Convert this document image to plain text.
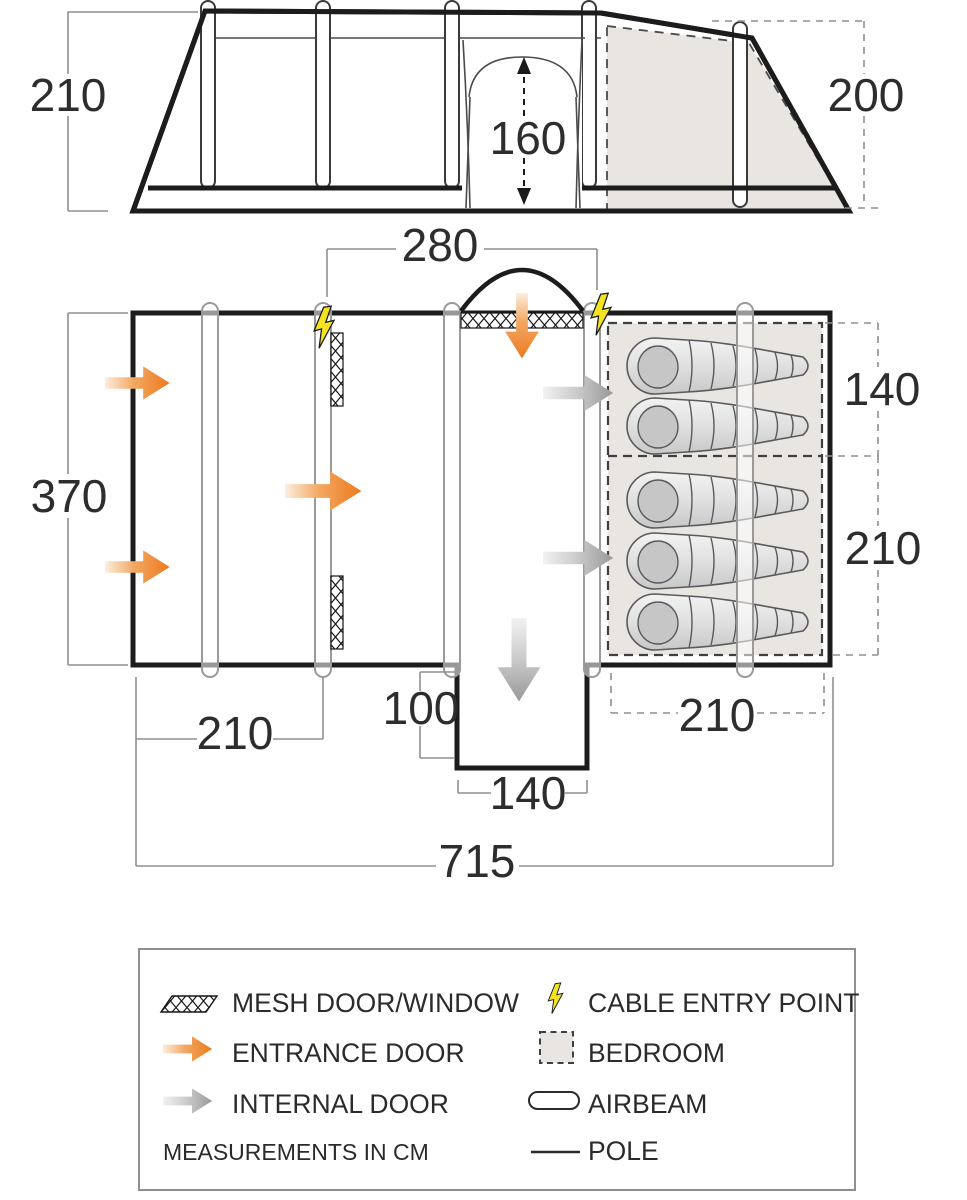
210
160
200
280
370
140
210
210 100
140
210
715
MESH DOOR/WINDOW
ENTRANCE DOOR
INTERNAL DOOR
MEASUREMENTS IN CM
CABLE ENTRY POINT
BEDROOM
AIRBEAM
POLE
